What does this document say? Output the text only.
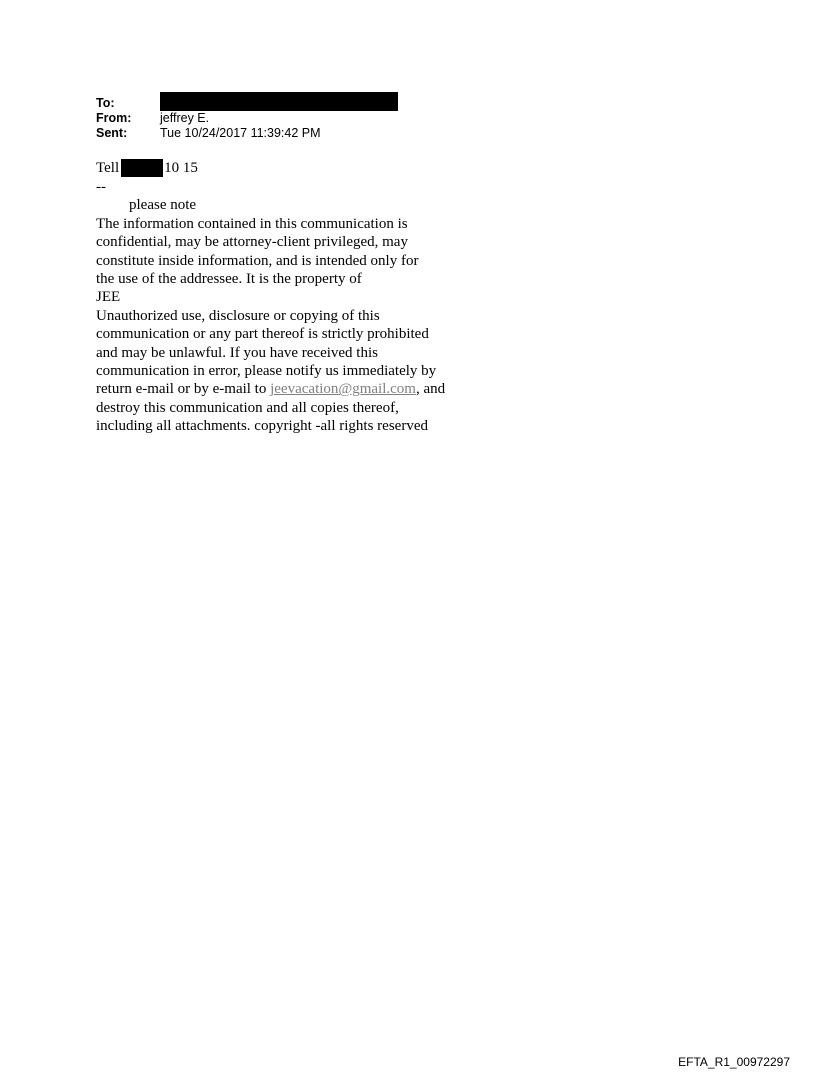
To:
From:	jeffrey E.
Sent:	Tue 10/24/2017 11:39:42 PM
Tell	10 15
--
please note
The information contained in this communication is
confidential, may be attorney-client privileged, may
constitute inside information, and is intended only for
the use of the addressee. It is the property of
JEE
Unauthorized use, disclosure or copying of this
communication or any part thereof is strictly prohibited
and may be unlawful. If you have received this
communication in error, please notify us immediately by
return e-mail or by e-mail to jeevacation@gmail.com, and
destroy this communication and all copies thereof,
including all attachments. copyright -all rights reserved
EFTA_R1_00972297
